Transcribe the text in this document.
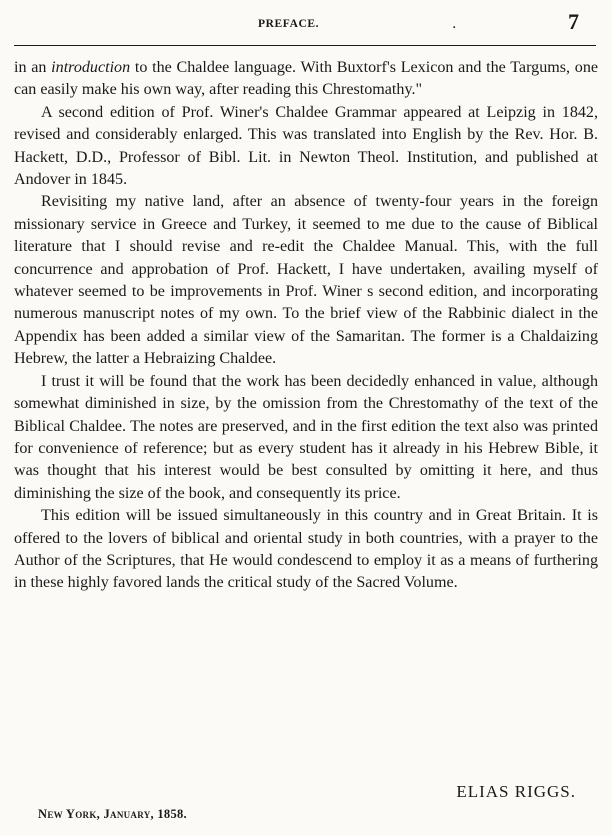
PREFACE.	.	7

in an introduction to the Chaldee language. With Buxtorf's Lexicon and the Targums, one can easily make his own way, after reading this Chrestomathy."

A second edition of Prof. Winer's Chaldee Grammar appeared at Leipzig in 1842, revised and considerably enlarged. This was translated into English by the Rev. Hor. B. Hackett, D.D., Professor of Bibl. Lit. in Newton Theol. Institution, and published at Andover in 1845.

Revisiting my native land, after an absence of twenty-four years in the foreign missionary service in Greece and Turkey, it seemed to me due to the cause of Biblical literature that I should revise and re-edit the Chaldee Manual. This, with the full concurrence and approbation of Prof. Hackett, I have undertaken, availing myself of whatever seemed to be improvements in Prof. Winer s second edition, and incorporating numerous manuscript notes of my own. To the brief view of the Rabbinic dialect in the Appendix has been added a similar view of the Samaritan. The former is a Chaldaizing Hebrew, the latter a Hebraizing Chaldee.

I trust it will be found that the work has been decidedly enhanced in value, although somewhat diminished in size, by the omission from the Chrestomathy of the text of the Biblical Chaldee. The notes are preserved, and in the first edition the text also was printed for convenience of reference; but as every student has it already in his Hebrew Bible, it was thought that his interest would be best consulted by omitting it here, and thus diminishing the size of the book, and consequently its price.

This edition will be issued simultaneously in this country and in Great Britain. It is offered to the lovers of biblical and oriental study in both countries, with a prayer to the Author of the Scriptures, that He would condescend to employ it as a means of furthering in these highly favored lands the critical study of the Sacred Volume.

ELIAS RIGGS.
New York, January, 1858.
